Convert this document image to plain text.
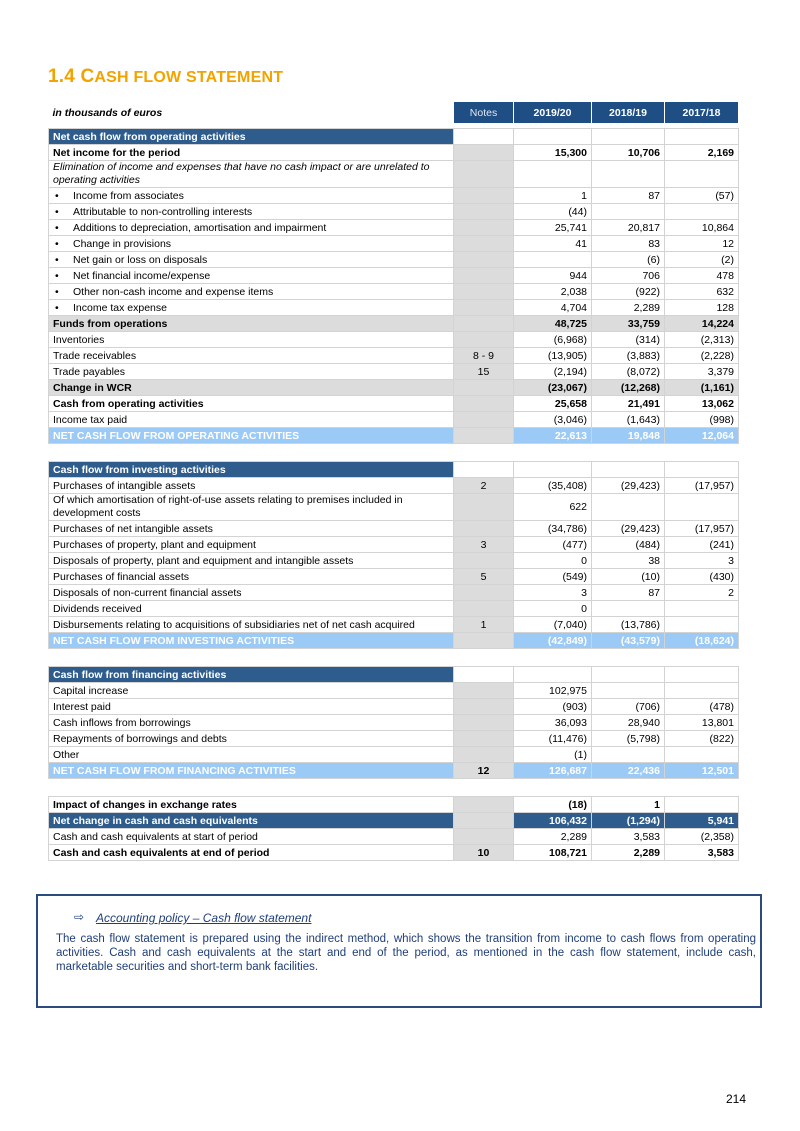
1.4 CASH FLOW STATEMENT
in thousands of euros	Notes	2019/20	2018/19	2017/18

Net cash flow from operating activities				
Net income for the period		15,300	10,706	2,169
Elimination of income and expenses that have no cash impact or are unrelated to operating activities				
• Income from associates		1	87	(57)
• Attributable to non-controlling interests		(44)		
• Additions to depreciation, amortisation and impairment		25,741	20,817	10,864
• Change in provisions		41	83	12
• Net gain or loss on disposals			(6)	(2)
• Net financial income/expense		944	706	478
• Other non-cash income and expense items		2,038	(922)	632
• Income tax expense		4,704	2,289	128
Funds from operations		48,725	33,759	14,224
Inventories		(6,968)	(314)	(2,313)
Trade receivables	8 - 9	(13,905)	(3,883)	(2,228)
Trade payables	15	(2,194)	(8,072)	3,379
Change in WCR		(23,067)	(12,268)	(1,161)
Cash from operating activities		25,658	21,491	13,062
Income tax paid		(3,046)	(1,643)	(998)
NET CASH FLOW FROM OPERATING ACTIVITIES		22,613	19,848	12,064

Cash flow from investing activities				
Purchases of intangible assets	2	(35,408)	(29,423)	(17,957)
Of which amortisation of right-of-use assets relating to premises included in development costs		622		
Purchases of net intangible assets		(34,786)	(29,423)	(17,957)
Purchases of property, plant and equipment	3	(477)	(484)	(241)
Disposals of property, plant and equipment and intangible assets		0	38	3
Purchases of financial assets	5	(549)	(10)	(430)
Disposals of non-current financial assets		3	87	2
Dividends received		0		
Disbursements relating to acquisitions of subsidiaries net of net cash acquired	1	(7,040)	(13,786)	
NET CASH FLOW FROM INVESTING ACTIVITIES		(42,849)	(43,579)	(18,624)

Cash flow from financing activities				
Capital increase		102,975		
Interest paid		(903)	(706)	(478)
Cash inflows from borrowings		36,093	28,940	13,801
Repayments of borrowings and debts		(11,476)	(5,798)	(822)
Other		(1)		
NET CASH FLOW FROM FINANCING ACTIVITIES	12	126,687	22,436	12,501

Impact of changes in exchange rates		(18)	1	
Net change in cash and cash equivalents		106,432	(1,294)	5,941
Cash and cash equivalents at start of period		2,289	3,583	(2,358)
Cash and cash equivalents at end of period	10	108,721	2,289	3,583
⇨ Accounting policy – Cash flow statement
The cash flow statement is prepared using the indirect method, which shows the transition from income to cash flows from operating activities. Cash and cash equivalents at the start and end of the period, as mentioned in the cash flow statement, include cash, marketable securities and short-term bank facilities.
214
